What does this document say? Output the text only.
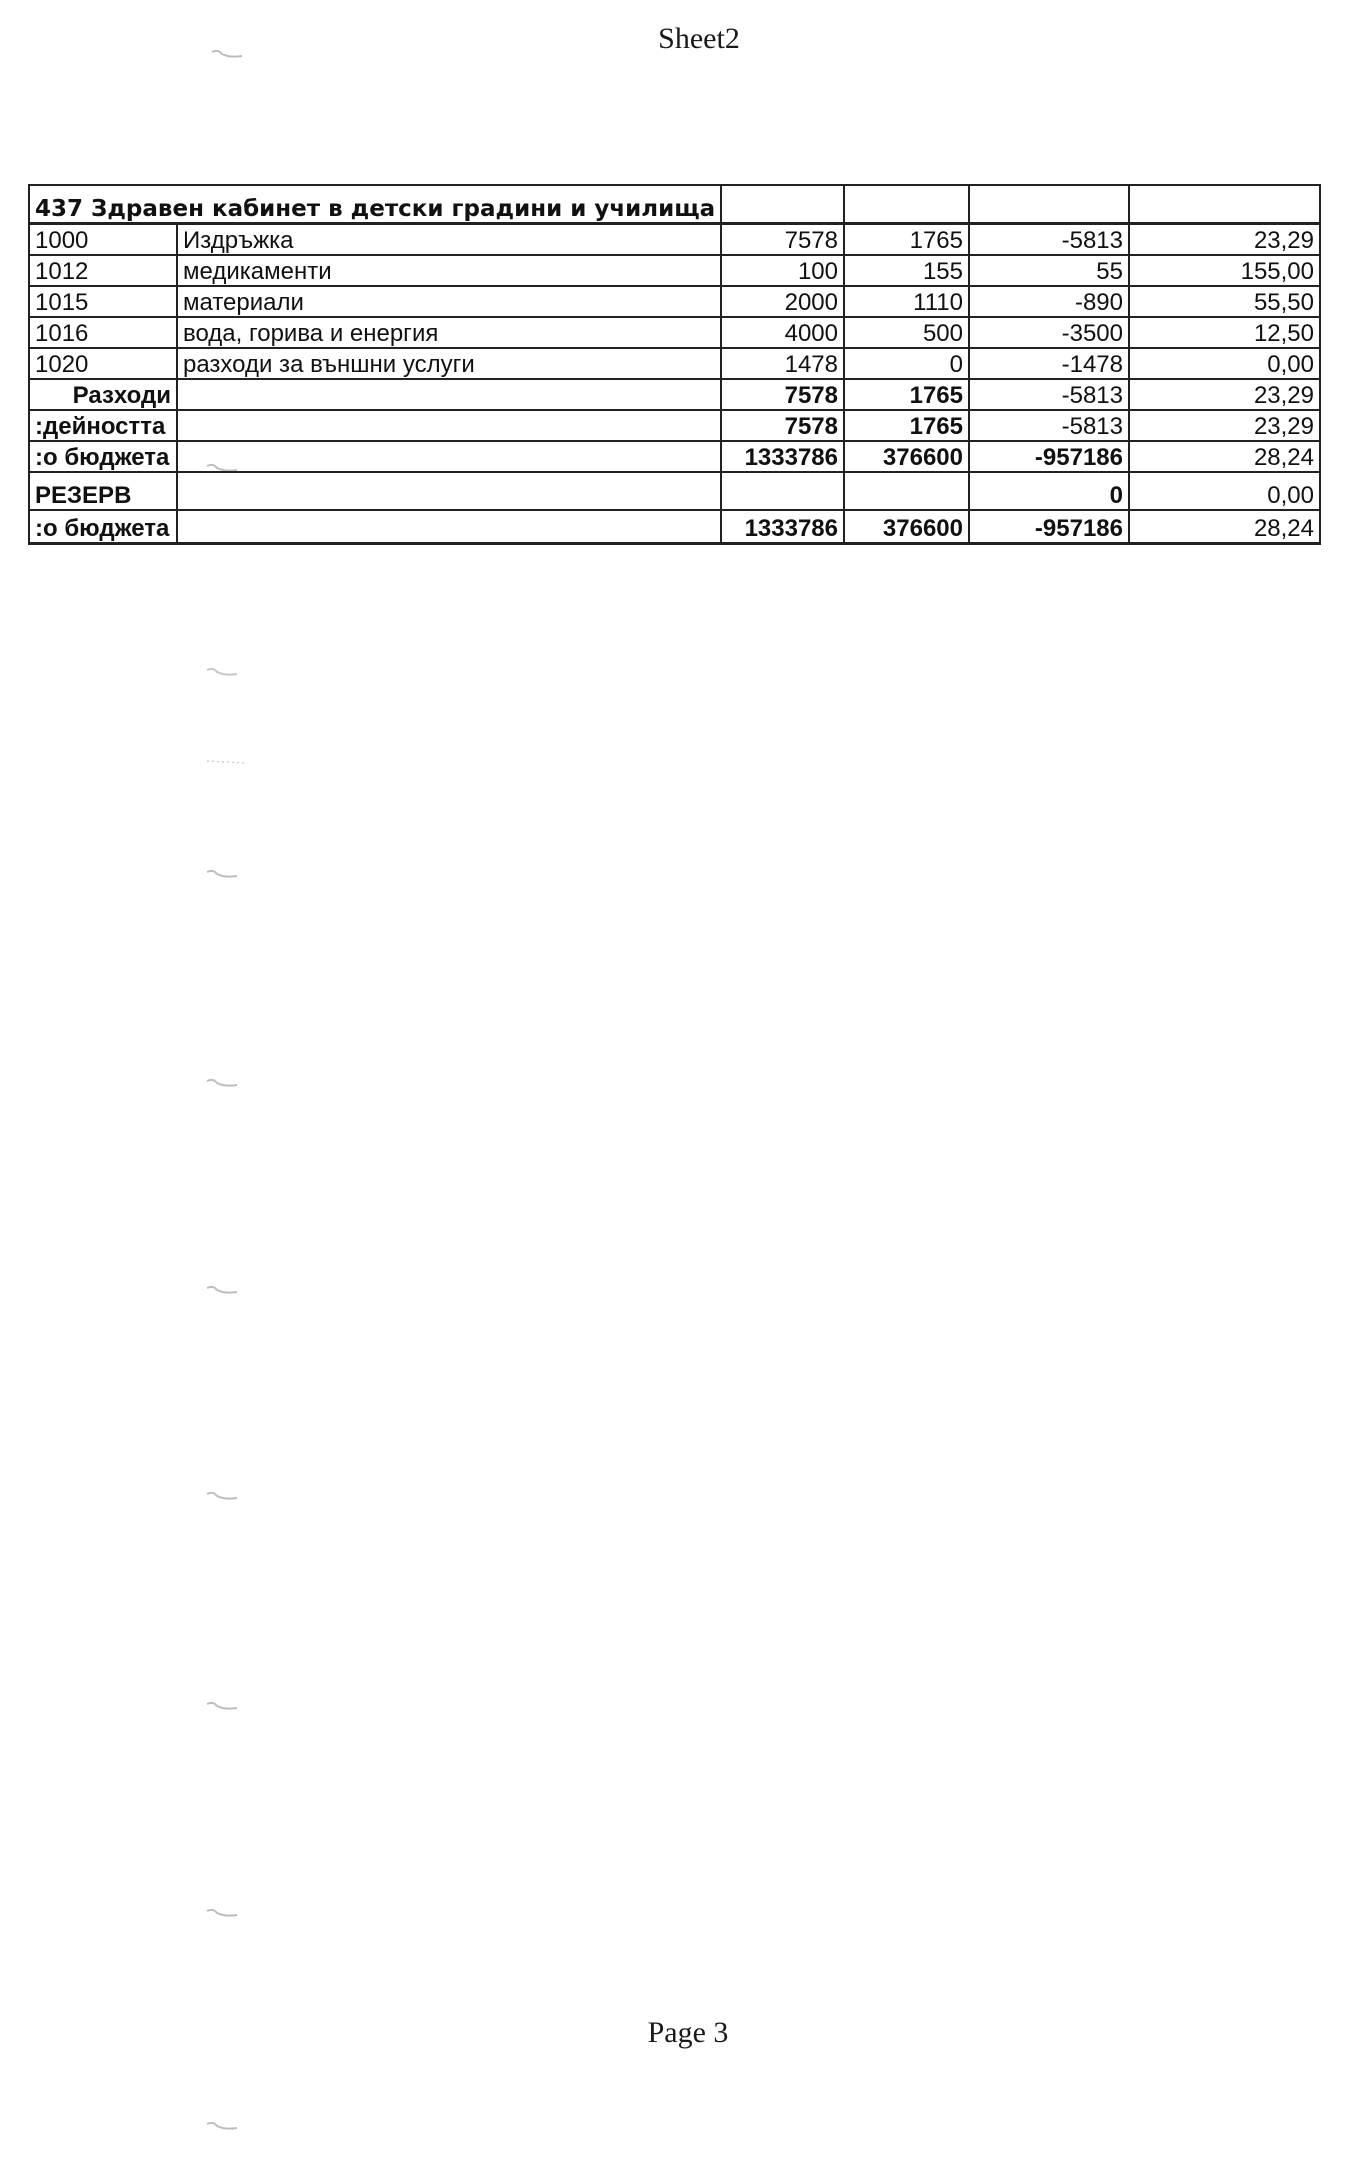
Sheet2
437 Здравен кабинет в детски градини и училища					
1000	Издръжка	7578	1765	-5813	23,29
1012	медикаменти	100	155	55	155,00
1015	материали	2000	1110	-890	55,50
1016	вода, горива и енергия	4000	500	-3500	12,50
1020	разходи за външни услуги	1478	0	-1478	0,00
Разходи		7578	1765	-5813	23,29
дейността:		7578	1765	-5813	23,29
о бюджета:		1333786	376600	-957186	28,24
РЕЗЕРВ				0	0,00
о бюджета:		1333786	376600	-957186	28,24
Page 3
